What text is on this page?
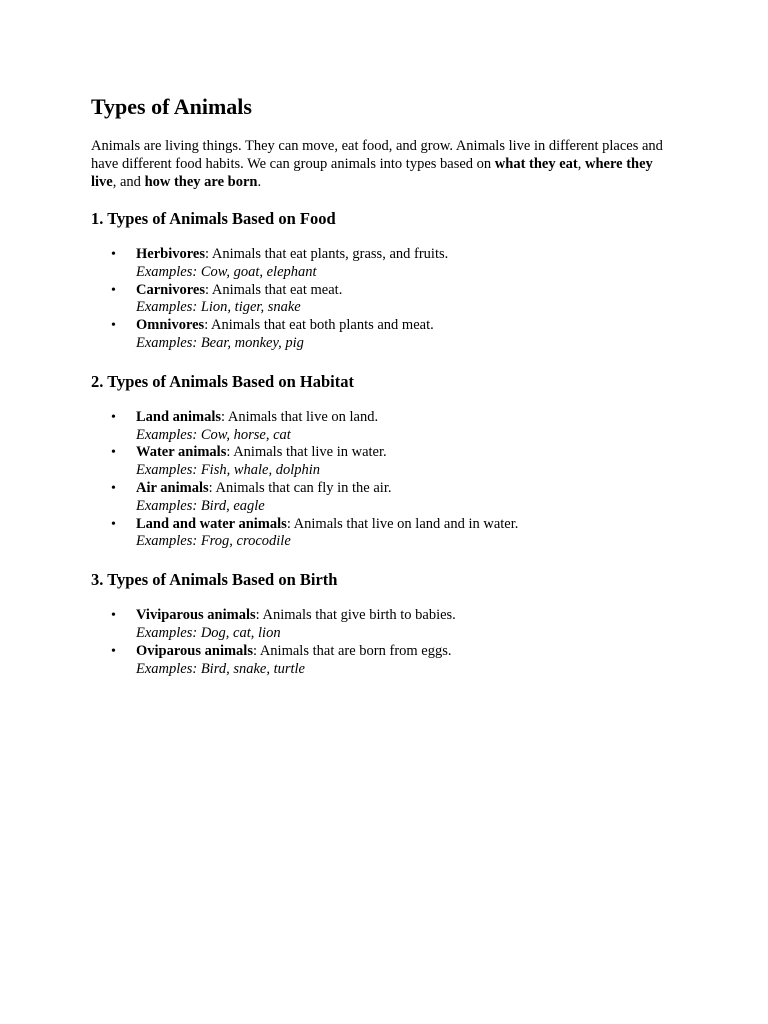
Types of Animals

Animals are living things. They can move, eat food, and grow. Animals live in different places and have different food habits. We can group animals into types based on what they eat, where they live, and how they are born.

1. Types of Animals Based on Food
• Herbivores: Animals that eat plants, grass, and fruits.
Examples: Cow, goat, elephant
• Carnivores: Animals that eat meat.
Examples: Lion, tiger, snake
• Omnivores: Animals that eat both plants and meat.
Examples: Bear, monkey, pig
2. Types of Animals Based on Habitat
• Land animals: Animals that live on land.
Examples: Cow, horse, cat
• Water animals: Animals that live in water.
Examples: Fish, whale, dolphin
• Air animals: Animals that can fly in the air.
Examples: Bird, eagle
• Land and water animals: Animals that live on land and in water.
Examples: Frog, crocodile
3. Types of Animals Based on Birth
• Viviparous animals: Animals that give birth to babies.
Examples: Dog, cat, lion
• Oviparous animals: Animals that are born from eggs.
Examples: Bird, snake, turtle
